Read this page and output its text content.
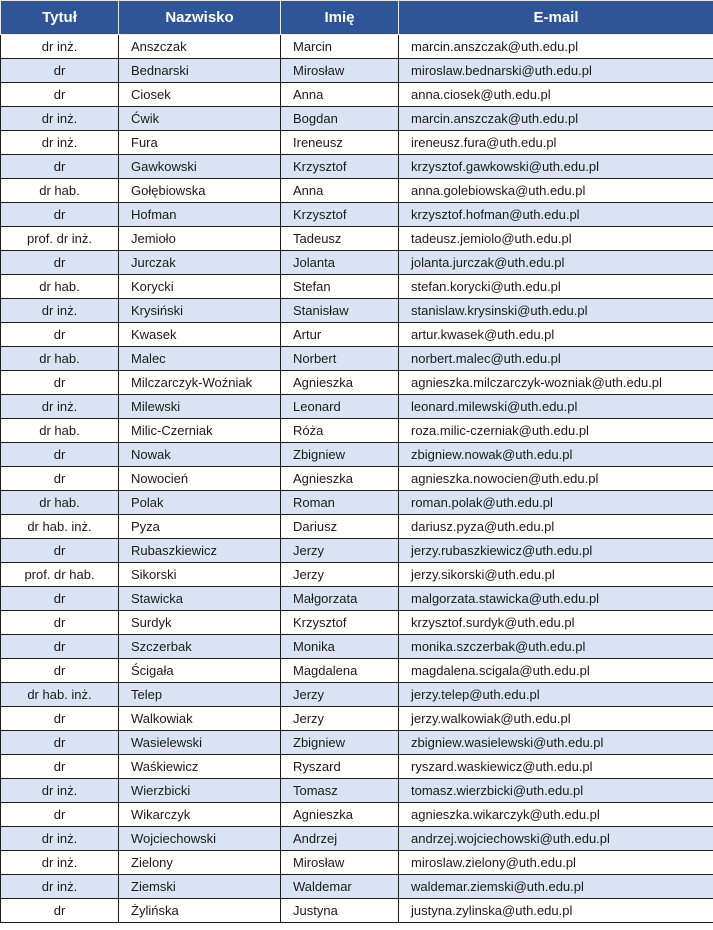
Tytuł	Nazwisko	Imię	E-mail
dr inż.	Anszczak	Marcin	marcin.anszczak@uth.edu.pl
dr	Bednarski	Mirosław	miroslaw.bednarski@uth.edu.pl
dr	Ciosek	Anna	anna.ciosek@uth.edu.pl
dr inż.	Ćwik	Bogdan	marcin.anszczak@uth.edu.pl
dr inż.	Fura	Ireneusz	ireneusz.fura@uth.edu.pl
dr	Gawkowski	Krzysztof	krzysztof.gawkowski@uth.edu.pl
dr hab.	Gołębiowska	Anna	anna.golebiowska@uth.edu.pl
dr	Hofman	Krzysztof	krzysztof.hofman@uth.edu.pl
prof. dr inż.	Jemioło	Tadeusz	tadeusz.jemiolo@uth.edu.pl
dr	Jurczak	Jolanta	jolanta.jurczak@uth.edu.pl
dr hab.	Korycki	Stefan	stefan.korycki@uth.edu.pl
dr inż.	Krysiński	Stanisław	stanislaw.krysinski@uth.edu.pl
dr	Kwasek	Artur	artur.kwasek@uth.edu.pl
dr hab.	Malec	Norbert	norbert.malec@uth.edu.pl
dr	Milczarczyk-Woźniak	Agnieszka	agnieszka.milczarczyk-wozniak@uth.edu.pl
dr inż.	Milewski	Leonard	leonard.milewski@uth.edu.pl
dr hab.	Milic-Czerniak	Róża	roza.milic-czerniak@uth.edu.pl
dr	Nowak	Zbigniew	zbigniew.nowak@uth.edu.pl
dr	Nowocień	Agnieszka	agnieszka.nowocien@uth.edu.pl
dr hab.	Polak	Roman	roman.polak@uth.edu.pl
dr hab. inż.	Pyza	Dariusz	dariusz.pyza@uth.edu.pl
dr	Rubaszkiewicz	Jerzy	jerzy.rubaszkiewicz@uth.edu.pl
prof. dr hab.	Sikorski	Jerzy	jerzy.sikorski@uth.edu.pl
dr	Stawicka	Małgorzata	malgorzata.stawicka@uth.edu.pl
dr	Surdyk	Krzysztof	krzysztof.surdyk@uth.edu.pl
dr	Szczerbak	Monika	monika.szczerbak@uth.edu.pl
dr	Ścigała	Magdalena	magdalena.scigala@uth.edu.pl
dr hab. inż.	Telep	Jerzy	jerzy.telep@uth.edu.pl
dr	Walkowiak	Jerzy	jerzy.walkowiak@uth.edu.pl
dr	Wasielewski	Zbigniew	zbigniew.wasielewski@uth.edu.pl
dr	Waśkiewicz	Ryszard	ryszard.waskiewicz@uth.edu.pl
dr inż.	Wierzbicki	Tomasz	tomasz.wierzbicki@uth.edu.pl
dr	Wikarczyk	Agnieszka	agnieszka.wikarczyk@uth.edu.pl
dr inż.	Wojciechowski	Andrzej	andrzej.wojciechowski@uth.edu.pl
dr inż.	Zielony	Mirosław	miroslaw.zielony@uth.edu.pl
dr inż.	Ziemski	Waldemar	waldemar.ziemski@uth.edu.pl
dr	Żylińska	Justyna	justyna.zylinska@uth.edu.pl
